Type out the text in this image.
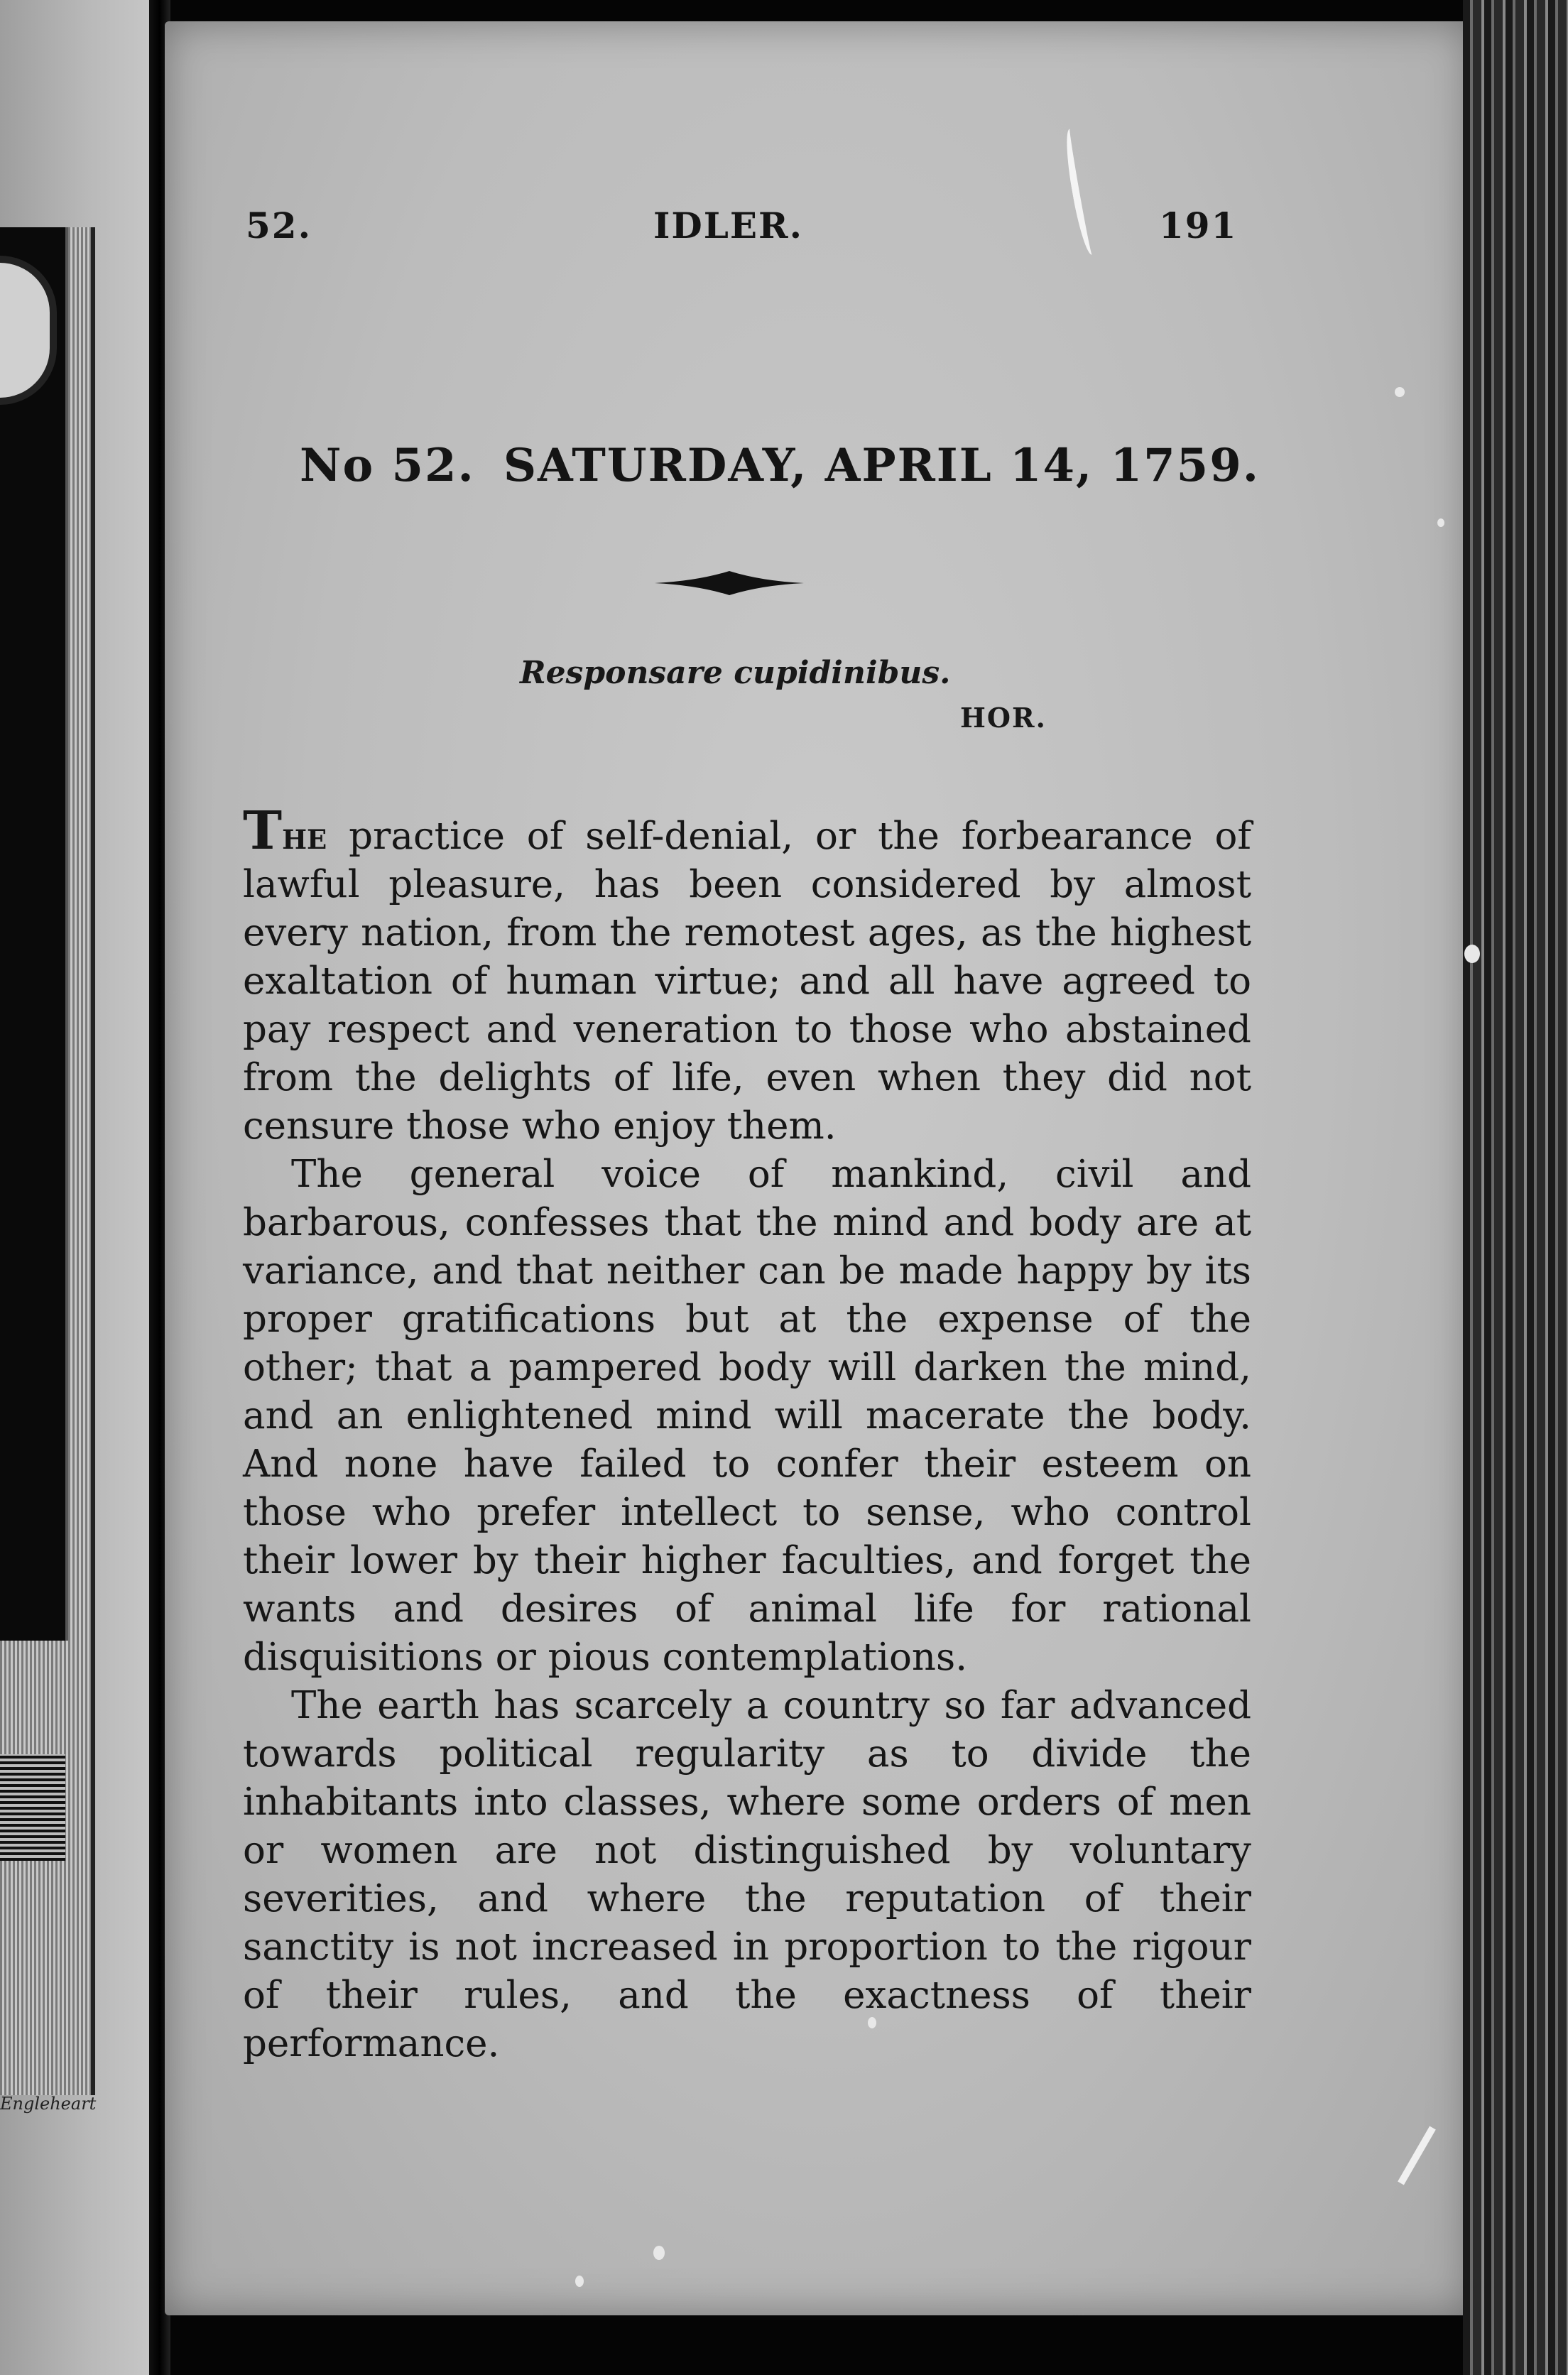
Engleheart
52.	IDLER.	191
No 52. SATURDAY, APRIL 14, 1759.
Responsare cupidinibus.
HOR.

The practice of self-denial, or the forbearance of lawful pleasure, has been considered by almost every nation, from the remotest ages, as the highest exaltation of human virtue; and all have agreed to pay respect and veneration to those who abstained from the delights of life, even when they did not censure those who enjoy them.

The general voice of mankind, civil and barbarous, confesses that the mind and body are at variance, and that neither can be made happy by its proper gratifications but at the expense of the other; that a pampered body will darken the mind, and an enlightened mind will macerate the body. And none have failed to confer their esteem on those who prefer intellect to sense, who control their lower by their higher faculties, and forget the wants and desires of animal life for rational disquisitions or pious contemplations.

The earth has scarcely a country so far advanced towards political regularity as to divide the inhabitants into classes, where some orders of men or women are not distinguished by voluntary severities, and where the reputation of their sanctity is not increased in proportion to the rigour of their rules, and the exactness of their performance.
